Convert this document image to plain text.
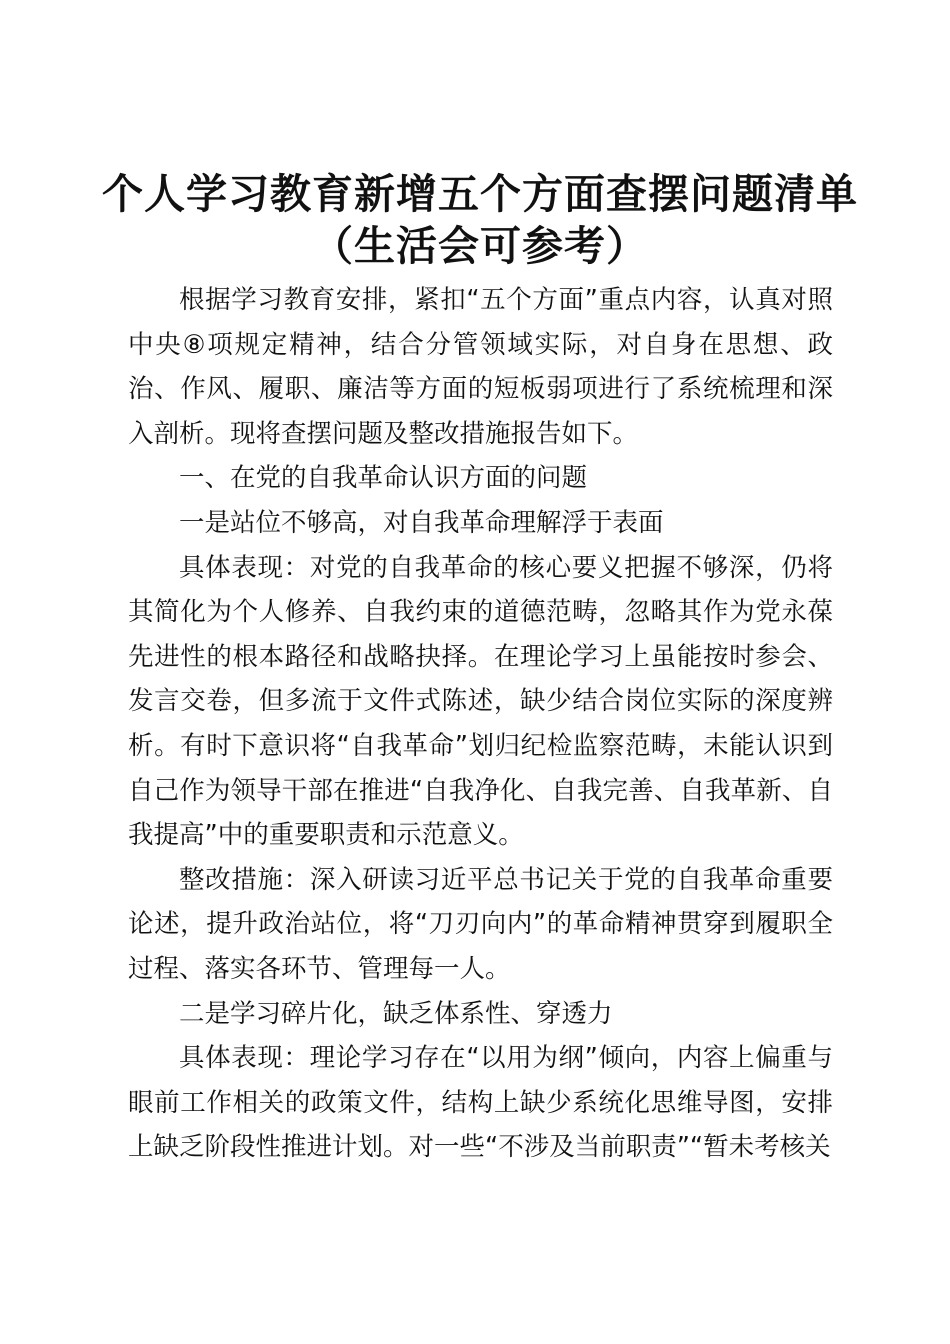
个人学习教育新增五个方面查摆问题清单（生活会可参考）

根据学习教育安排，紧扣“五个方面”重点内容，认真对照中央⑧项规定精神，结合分管领域实际，对自身在思想、政治、作风、履职、廉洁等方面的短板弱项进行了系统梳理和深入剖析。现将查摆问题及整改措施报告如下。

一、在党的自我革命认识方面的问题

一是站位不够高，对自我革命理解浮于表面

具体表现：对党的自我革命的核心要义把握不够深，仍将其简化为个人修养、自我约束的道德范畴，忽略其作为党永葆先进性的根本路径和战略抉择。在理论学习上虽能按时参会、发言交卷，但多流于文件式陈述，缺少结合岗位实际的深度辨析。有时下意识将“自我革命”划归纪检监察范畴，未能认识到自己作为领导干部在推进“自我净化、自我完善、自我革新、自我提高”中的重要职责和示范意义。

整改措施：深入研读习近平总书记关于党的自我革命重要论述，提升政治站位，将“刀刃向内”的革命精神贯穿到履职全过程、落实各环节、管理每一人。

二是学习碎片化，缺乏体系性、穿透力

具体表现：理论学习存在“以用为纲”倾向，内容上偏重与眼前工作相关的政策文件，结构上缺少系统化思维导图，安排上缺乏阶段性推进计划。对一些“不涉及当前职责”“暂未考核关
